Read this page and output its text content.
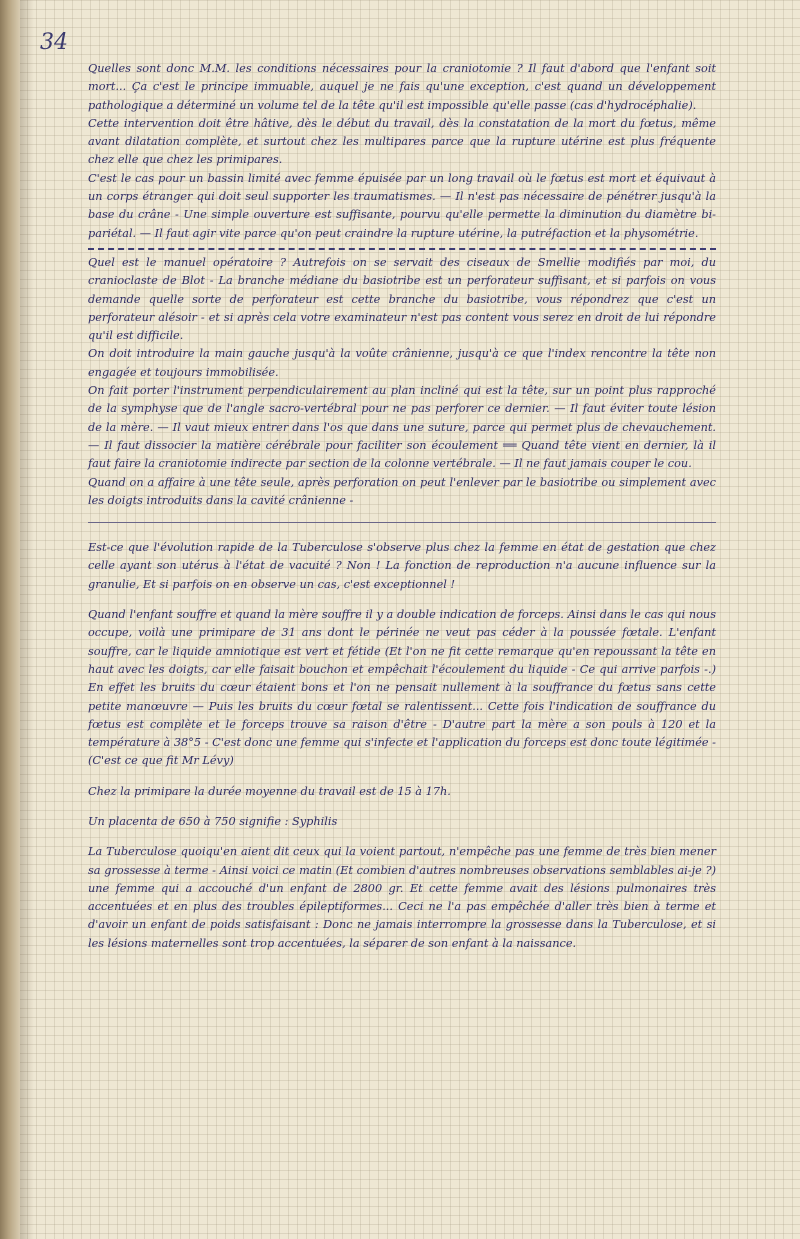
34

Quelles sont donc M.M. les conditions nécessaires pour la craniotomie ? Il faut d'abord que l'enfant soit mort... Ça c'est le principe immuable, auquel je ne fais qu'une exception, c'est quand un développement pathologique a déterminé un volume tel de la tête qu'il est impossible qu'elle passe (cas d'hydrocéphalie).

Cette intervention doit être hâtive, dès le début du travail, dès la constatation de la mort du fœtus, même avant dilatation complète, et surtout chez les multipares parce que la rupture utérine est plus fréquente chez elle que chez les primipares.

C'est le cas pour un bassin limité avec femme épuisée par un long travail où le fœtus est mort et équivaut à un corps étranger qui doit seul supporter les traumatismes. — Il n'est pas nécessaire de pénétrer jusqu'à la base du crâne - Une simple ouverture est suffisante, pourvu qu'elle permette la diminution du diamètre bi-pariétal. — Il faut agir vite parce qu'on peut craindre la rupture utérine, la putréfaction et la physométrie.

Quel est le manuel opératoire ? Autrefois on se servait des ciseaux de Smellie modifiés par moi, du cranioclaste de Blot - La branche médiane du basiotribe est un perforateur suffisant, et si parfois on vous demande quelle sorte de perforateur est cette branche du basiotribe, vous répondrez que c'est un perforateur alésoir - et si après cela votre examinateur n'est pas content vous serez en droit de lui répondre qu'il est difficile.

On doit introduire la main gauche jusqu'à la voûte crânienne, jusqu'à ce que l'index rencontre la tête non engagée et toujours immobilisée.

On fait porter l'instrument perpendiculairement au plan incliné qui est la tête, sur un point plus rapproché de la symphyse que de l'angle sacro-vertébral pour ne pas perforer ce dernier. — Il faut éviter toute lésion de la mère. — Il vaut mieux entrer dans l'os que dans une suture, parce qui permet plus de chevauchement. — Il faut dissocier la matière cérébrale pour faciliter son écoulement ══ Quand tête vient en dernier, là il faut faire la craniotomie indirecte par section de la colonne vertébrale. — Il ne faut jamais couper le cou.

Quand on a affaire à une tête seule, après perforation on peut l'enlever par le basiotribe ou simplement avec les doigts introduits dans la cavité crânienne -

Est-ce que l'évolution rapide de la Tuberculose s'observe plus chez la femme en état de gestation que chez celle ayant son utérus à l'état de vacuité ? Non ! La fonction de reproduction n'a aucune influence sur la granulie, Et si parfois on en observe un cas, c'est exceptionnel !

Quand l'enfant souffre et quand la mère souffre il y a double indication de forceps. Ainsi dans le cas qui nous occupe, voilà une primipare de 31 ans dont le périnée ne veut pas céder à la poussée fœtale. L'enfant souffre, car le liquide amniotique est vert et fétide (Et l'on ne fit cette remarque qu'en repoussant la tête en haut avec les doigts, car elle faisait bouchon et empêchait l'écoulement du liquide - Ce qui arrive parfois -.) En effet les bruits du cœur étaient bons et l'on ne pensait nullement à la souffrance du fœtus sans cette petite manœuvre — Puis les bruits du cœur fœtal se ralentissent... Cette fois l'indication de souffrance du fœtus est complète et le forceps trouve sa raison d'être - D'autre part la mère a son pouls à 120 et la température à 38°5 - C'est donc une femme qui s'infecte et l'application du forceps est donc toute légitimée - (C'est ce que fit Mr Lévy)

Chez la primipare la durée moyenne du travail est de 15 à 17h.

Un placenta de 650 à 750 signifie : Syphilis

La Tuberculose quoiqu'en aient dit ceux qui la voient partout, n'empêche pas une femme de très bien mener sa grossesse à terme - Ainsi voici ce matin (Et combien d'autres nombreuses observations semblables ai-je ?) une femme qui a accouché d'un enfant de 2800 gr. Et cette femme avait des lésions pulmonaires très accentuées et en plus des troubles épileptiformes... Ceci ne l'a pas empêchée d'aller très bien à terme et d'avoir un enfant de poids satisfaisant : Donc ne jamais interrompre la grossesse dans la Tuberculose, et si les lésions maternelles sont trop accentuées, la séparer de son enfant à la naissance.
